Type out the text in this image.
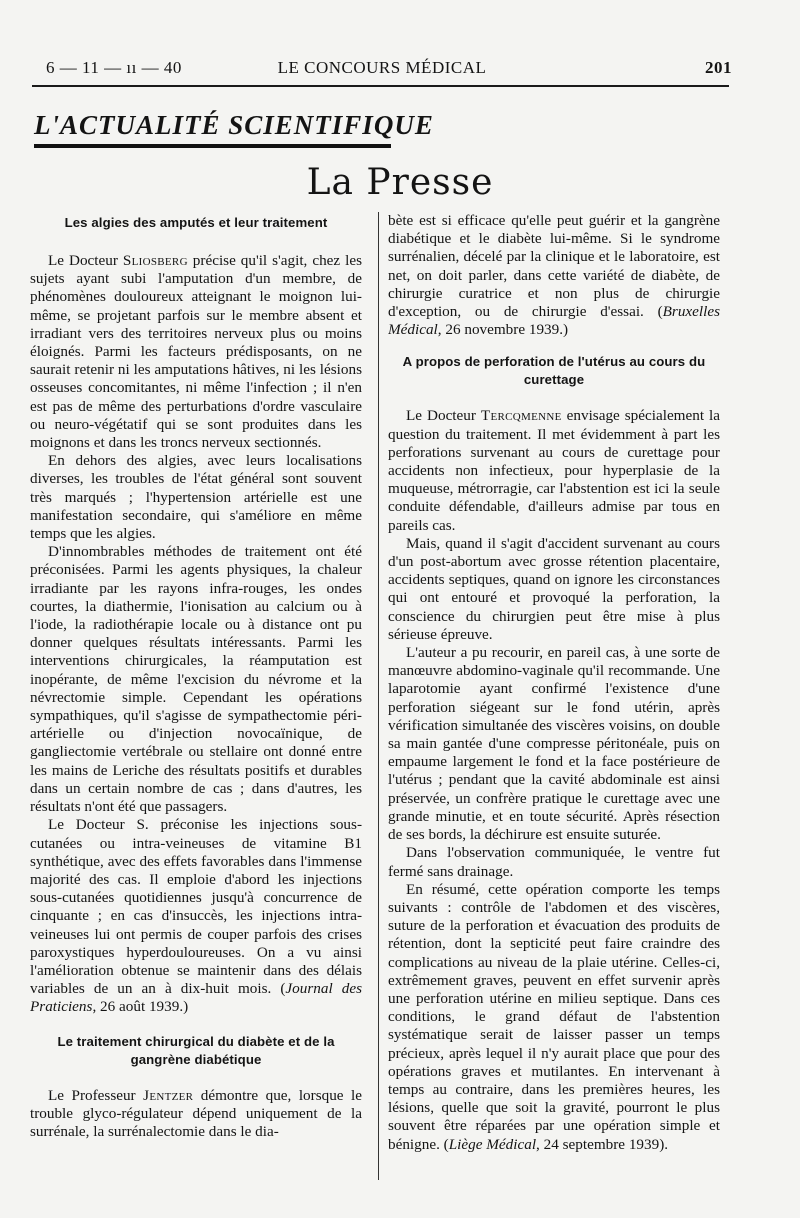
6 — 11 — ıı — 40	LE CONCOURS MÉDICAL	201
L'ACTUALITÉ SCIENTIFIQUE
La Presse
Les algies des amputés et leur traitement

Le Docteur Sliosberg précise qu'il s'agit, chez les sujets ayant subi l'amputation d'un membre, de phénomènes douloureux atteignant le moignon lui-même, se projetant parfois sur le membre absent et irradiant vers des territoires nerveux plus ou moins éloignés. Parmi les facteurs prédisposants, on ne saurait retenir ni les amputations hâtives, ni les lésions osseuses concomitantes, ni même l'infection ; il n'en est pas de même des perturbations d'ordre vasculaire ou neuro-végétatif qui se sont produites dans les moignons et dans les troncs nerveux sectionnés.

En dehors des algies, avec leurs localisations diverses, les troubles de l'état général sont souvent très marqués ; l'hypertension artérielle est une manifestation secondaire, qui s'améliore en même temps que les algies.

D'innombrables méthodes de traitement ont été préconisées. Parmi les agents physiques, la chaleur irradiante par les rayons infra-rouges, les ondes courtes, la diathermie, l'ionisation au calcium ou à l'iode, la radiothérapie locale ou à distance ont pu donner quelques résultats intéressants. Parmi les interventions chirurgicales, la réamputation est inopérante, de même l'excision du névrome et la névrectomie simple. Cependant les opérations sympathiques, qu'il s'agisse de sympathectomie péri-artérielle ou d'injection novocaïnique, de gangliectomie vertébrale ou stellaire ont donné entre les mains de Leriche des résultats positifs et durables dans un certain nombre de cas ; dans d'autres, les résultats n'ont été que passagers.

Le Docteur S. préconise les injections sous-cutanées ou intra-veineuses de vitamine B1 synthétique, avec des effets favorables dans l'immense majorité des cas. Il emploie d'abord les injections sous-cutanées quotidiennes jusqu'à concurrence de cinquante ; en cas d'insuccès, les injections intra-veineuses lui ont permis de couper parfois des crises paroxystiques hyperdouloureuses. On a vu ainsi l'amélioration obtenue se maintenir dans des délais variables de un an à dix-huit mois. (Journal des Praticiens, 26 août 1939.)

Le traitement chirurgical du diabète et de la gangrène diabétique

Le Professeur Jentzer démontre que, lorsque le trouble glyco-régulateur dépend uniquement de la surrénale, la surrénalectomie dans le dia-

bète est si efficace qu'elle peut guérir et la gangrène diabétique et le diabète lui-même. Si le syndrome surrénalien, décelé par la clinique et le laboratoire, est net, on doit parler, dans cette variété de diabète, de chirurgie curatrice et non plus de chirurgie d'exception, ou de chirurgie d'essai. (Bruxelles Médical, 26 novembre 1939.)

A propos de perforation de l'utérus au cours du curettage

Le Docteur Tercqmenne envisage spécialement la question du traitement. Il met évidemment à part les perforations survenant au cours de curettage pour accidents non infectieux, pour hyperplasie de la muqueuse, métrorragie, car l'abstention est ici la seule conduite défendable, d'ailleurs admise par tous en pareils cas.

Mais, quand il s'agit d'accident survenant au cours d'un post-abortum avec grosse rétention placentaire, accidents septiques, quand on ignore les circonstances qui ont entouré et provoqué la perforation, la conscience du chirurgien peut être mise à plus sérieuse épreuve.

L'auteur a pu recourir, en pareil cas, à une sorte de manœuvre abdomino-vaginale qu'il recommande. Une laparotomie ayant confirmé l'existence d'une perforation siégeant sur le fond utérin, après vérification simultanée des viscères voisins, on double sa main gantée d'une compresse péritonéale, puis on empaume largement le fond et la face postérieure de l'utérus ; pendant que la cavité abdominale est ainsi préservée, un confrère pratique le curettage avec une grande minutie, et en toute sécurité. Après résection de ses bords, la déchirure est ensuite suturée.

Dans l'observation communiquée, le ventre fut fermé sans drainage.

En résumé, cette opération comporte les temps suivants : contrôle de l'abdomen et des viscères, suture de la perforation et évacuation des produits de rétention, dont la septicité peut faire craindre des complications au niveau de la plaie utérine. Celles-ci, extrêmement graves, peuvent en effet survenir après une perforation utérine en milieu septique. Dans ces conditions, le grand défaut de l'abstention systématique serait de laisser passer un temps précieux, après lequel il n'y aurait place que pour des opérations graves et mutilantes. En intervenant à temps au contraire, dans les premières heures, les lésions, quelle que soit la gravité, pourront le plus souvent être réparées par une opération simple et bénigne. (Liège Médical, 24 septembre 1939).
